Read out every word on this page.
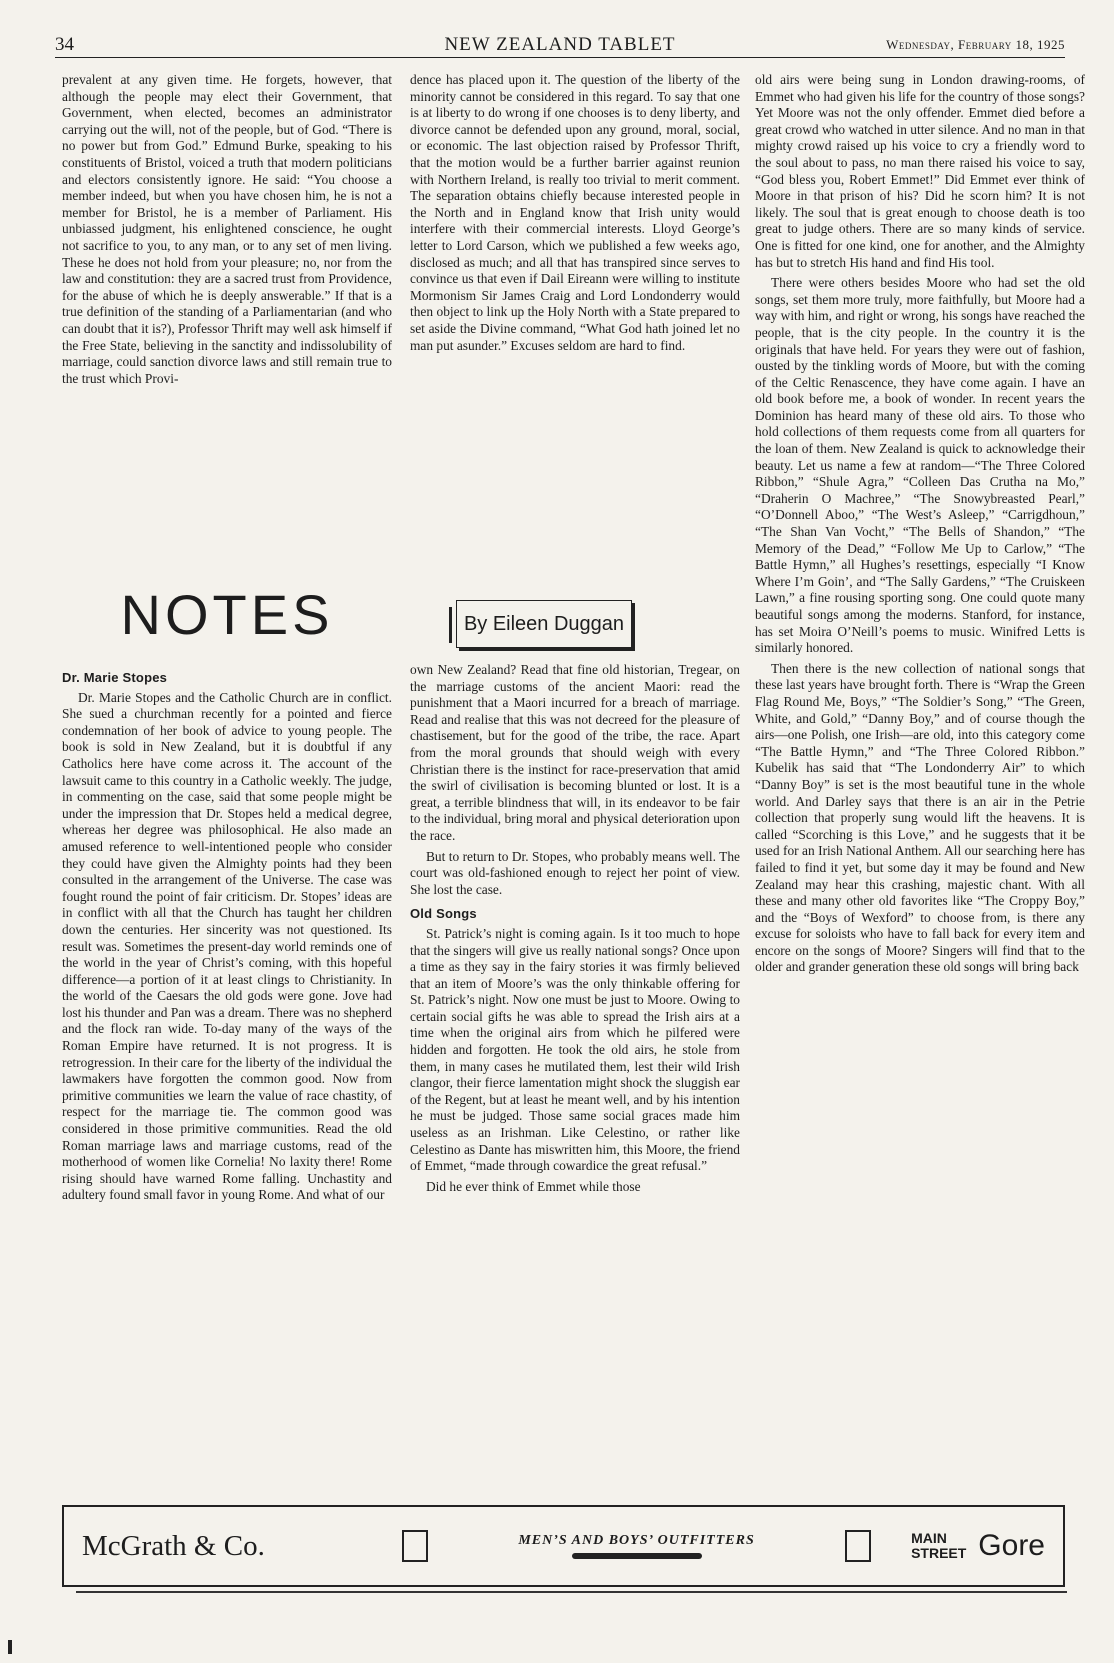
34	NEW ZEALAND TABLET	Wednesday, February 18, 1925

prevalent at any given time. He forgets, however, that although the people may elect their Government, that Government, when elected, becomes an administrator carrying out the will, not of the people, but of God. “There is no power but from God.” Edmund Burke, speaking to his constituents of Bristol, voiced a truth that modern politicians and electors consistently ignore. He said: “You choose a member indeed, but when you have chosen him, he is not a member for Bristol, he is a member of Parliament. His unbiassed judgment, his enlightened conscience, he ought not sacrifice to you, to any man, or to any set of men living. These he does not hold from your pleasure; no, nor from the law and constitution: they are a sacred trust from Providence, for the abuse of which he is deeply answerable.” If that is a true definition of the standing of a Parliamentarian (and who can doubt that it is?), Professor Thrift may well ask himself if the Free State, believing in the sanctity and indissolubility of marriage, could sanction divorce laws and still remain true to the trust which Provi-

dence has placed upon it. The question of the liberty of the minority cannot be considered in this regard. To say that one is at liberty to do wrong if one chooses is to deny liberty, and divorce cannot be defended upon any ground, moral, social, or economic. The last objection raised by Professor Thrift, that the motion would be a further barrier against reunion with Northern Ireland, is really too trivial to merit comment. The separation obtains chiefly because interested people in the North and in England know that Irish unity would interfere with their commercial interests. Lloyd George’s letter to Lord Carson, which we published a few weeks ago, disclosed as much; and all that has transpired since serves to convince us that even if Dail Eireann were willing to institute Mormonism Sir James Craig and Lord Londonderry would then object to link up the Holy North with a State prepared to set aside the Divine command, “What God hath joined let no man put asunder.” Excuses seldom are hard to find.

NOTES	By Eileen Duggan
Dr. Marie Stopes

Dr. Marie Stopes and the Catholic Church are in conflict. She sued a churchman recently for a pointed and fierce condemnation of her book of advice to young people. The book is sold in New Zealand, but it is doubtful if any Catholics here have come across it. The account of the lawsuit came to this country in a Catholic weekly. The judge, in commenting on the case, said that some people might be under the impression that Dr. Stopes held a medical degree, whereas her degree was philosophical. He also made an amused reference to well-intentioned people who consider they could have given the Almighty points had they been consulted in the arrangement of the Universe. The case was fought round the point of fair criticism. Dr. Stopes’ ideas are in conflict with all that the Church has taught her children down the centuries. Her sincerity was not questioned. Its result was. Sometimes the present-day world reminds one of the world in the year of Christ’s coming, with this hopeful difference—a portion of it at least clings to Christianity. In the world of the Caesars the old gods were gone. Jove had lost his thunder and Pan was a dream. There was no shepherd and the flock ran wide. To-day many of the ways of the Roman Empire have returned. It is not progress. It is retrogression. In their care for the liberty of the individual the lawmakers have forgotten the common good. Now from primitive communities we learn the value of race chastity, of respect for the marriage tie. The common good was considered in those primitive communities. Read the old Roman marriage laws and marriage customs, read of the motherhood of women like Cornelia! No laxity there! Rome rising should have warned Rome falling. Unchastity and adultery found small favor in young Rome. And what of our

own New Zealand? Read that fine old historian, Tregear, on the marriage customs of the ancient Maori: read the punishment that a Maori incurred for a breach of marriage. Read and realise that this was not decreed for the pleasure of chastisement, but for the good of the tribe, the race. Apart from the moral grounds that should weigh with every Christian there is the instinct for race-preservation that amid the swirl of civilisation is becoming blunted or lost. It is a great, a terrible blindness that will, in its endeavor to be fair to the individual, bring moral and physical deterioration upon the race.

But to return to Dr. Stopes, who probably means well. The court was old-fashioned enough to reject her point of view. She lost the case.

Old Songs

St. Patrick’s night is coming again. Is it too much to hope that the singers will give us really national songs? Once upon a time as they say in the fairy stories it was firmly believed that an item of Moore’s was the only thinkable offering for St. Patrick’s night. Now one must be just to Moore. Owing to certain social gifts he was able to spread the Irish airs at a time when the original airs from which he pilfered were hidden and forgotten. He took the old airs, he stole from them, in many cases he mutilated them, lest their wild Irish clangor, their fierce lamentation might shock the sluggish ear of the Regent, but at least he meant well, and by his intention he must be judged. Those same social graces made him useless as an Irishman. Like Celestino, or rather like Celestino as Dante has miswritten him, this Moore, the friend of Emmet, “made through cowardice the great refusal.”

Did he ever think of Emmet while those

old airs were being sung in London drawing-rooms, of Emmet who had given his life for the country of those songs? Yet Moore was not the only offender. Emmet died before a great crowd who watched in utter silence. And no man in that mighty crowd raised up his voice to cry a friendly word to the soul about to pass, no man there raised his voice to say, “God bless you, Robert Emmet!” Did Emmet ever think of Moore in that prison of his? Did he scorn him? It is not likely. The soul that is great enough to choose death is too great to judge others. There are so many kinds of service. One is fitted for one kind, one for another, and the Almighty has but to stretch His hand and find His tool.

There were others besides Moore who had set the old songs, set them more truly, more faithfully, but Moore had a way with him, and right or wrong, his songs have reached the people, that is the city people. In the country it is the originals that have held. For years they were out of fashion, ousted by the tinkling words of Moore, but with the coming of the Celtic Renascence, they have come again. I have an old book before me, a book of wonder. In recent years the Dominion has heard many of these old airs. To those who hold collections of them requests come from all quarters for the loan of them. New Zealand is quick to acknowledge their beauty. Let us name a few at random—“The Three Colored Ribbon,” “Shule Agra,” “Colleen Das Crutha na Mo,” “Draherin O Machree,” “The Snowybreasted Pearl,” “O’Donnell Aboo,” “The West’s Asleep,” “Carrigdhoun,” “The Shan Van Vocht,” “The Bells of Shandon,” “The Memory of the Dead,” “Follow Me Up to Carlow,” “The Battle Hymn,” all Hughes’s resettings, especially “I Know Where I’m Goin’, and “The Sally Gardens,” “The Cruiskeen Lawn,” a fine rousing sporting song. One could quote many beautiful songs among the moderns. Stanford, for instance, has set Moira O’Neill’s poems to music. Winifred Letts is similarly honored.

Then there is the new collection of national songs that these last years have brought forth. There is “Wrap the Green Flag Round Me, Boys,” “The Soldier’s Song,” “The Green, White, and Gold,” “Danny Boy,” and of course though the airs—one Polish, one Irish—are old, into this category come “The Battle Hymn,” and “The Three Colored Ribbon.” Kubelik has said that “The Londonderry Air” to which “Danny Boy” is set is the most beautiful tune in the whole world. And Darley says that there is an air in the Petrie collection that properly sung would lift the heavens. It is called “Scorching is this Love,” and he suggests that it be used for an Irish National Anthem. All our searching here has failed to find it yet, but some day it may be found and New Zealand may hear this crashing, majestic chant. With all these and many other old favorites like “The Croppy Boy,” and the “Boys of Wexford” to choose from, is there any excuse for soloists who have to fall back for every item and encore on the songs of Moore? Singers will find that to the older and grander generation these old songs will bring back

McGrath & Co.	MEN’S AND BOYS’ OUTFITTERS	MAIN
STREET Gore
